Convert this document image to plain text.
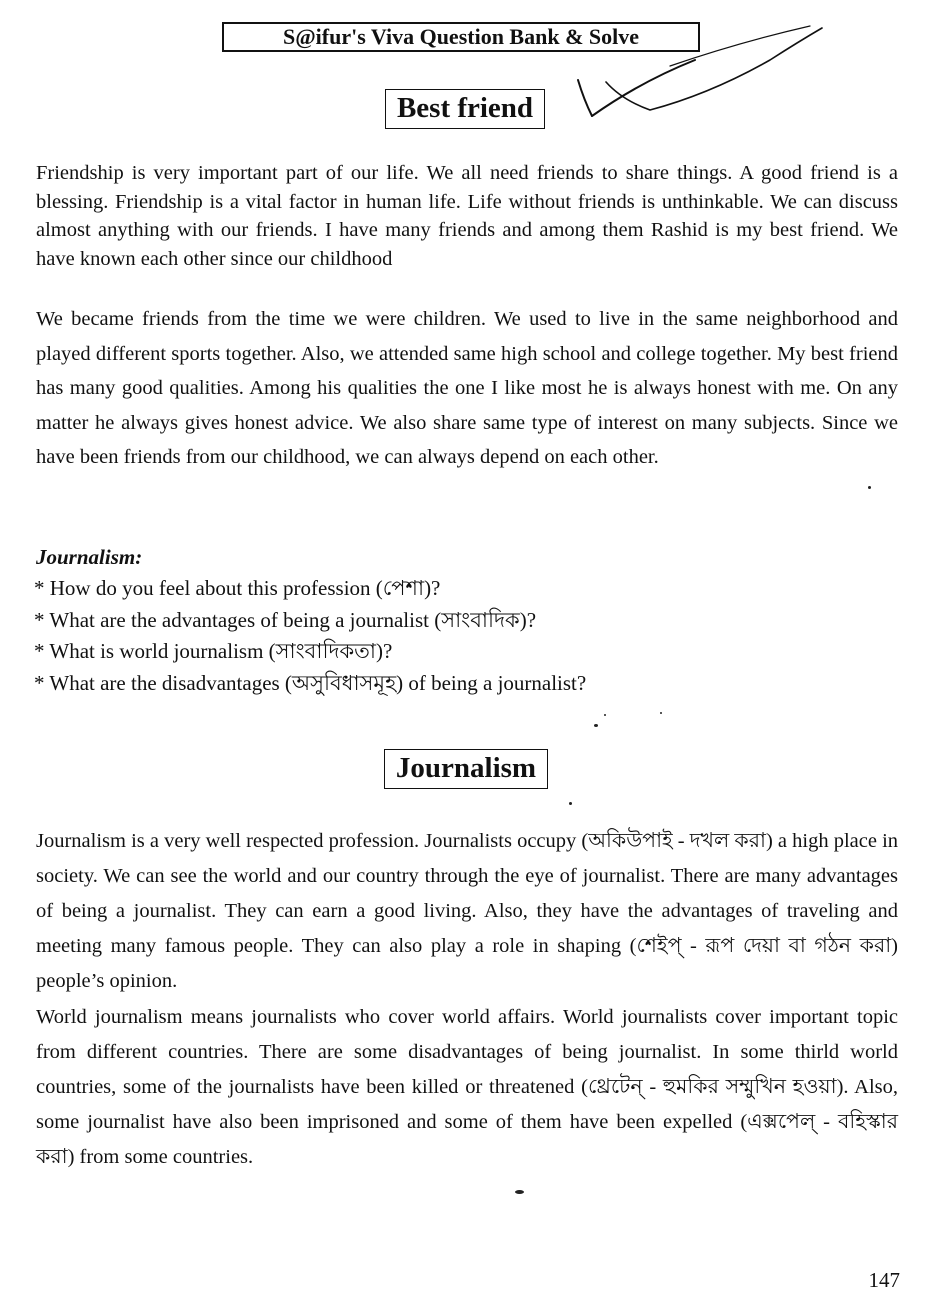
S@ifur's Viva Question Bank & Solve
Best friend

Friendship is very important part of our life. We all need friends to share things. A good friend is a blessing. Friendship is a vital factor in human life. Life without friends is unthinkable. We can discuss almost anything with our friends. I have many friends and among them Rashid is my best friend. We have known each other since our childhood

We became friends from the time we were children. We used to live in the same neighborhood and played different sports together. Also, we attended same high school and college together. My best friend has many good qualities. Among his qualities the one I like most he is always honest with me. On any matter he always gives honest advice. We also share same type of interest on many subjects. Since we have been friends from our childhood, we can always depend on each other.

Journalism:
* How do you feel about this profession (পেশা)?
* What are the advantages of being a journalist (সাংবাদিক)?
* What is world journalism (সাংবাদিকতা)?
* What are the disadvantages (অসুবিধাসমূহ) of being a journalist?
Journalism

Journalism is a very well respected profession. Journalists occupy (অকিউপাই - দখল করা) a high place in society. We can see the world and our country through the eye of journalist. There are many advantages of being a journalist. They can earn a good living. Also, they have the advantages of traveling and meeting many famous people. They can also play a role in shaping (শেইপ্‌ - রূপ দেয়া বা গঠন করা) people’s opinion.

World journalism means journalists who cover world affairs. World journalists cover important topic from different countries. There are some disadvantages of being journalist. In some thirld world countries, some of the journalists have been killed or threatened (থ্রেটেন্‌ - হুমকির সম্মুখিন হওয়া). Also, some journalist have also been imprisoned and some of them have been expelled (এক্সপেল্‌ - বহিস্কার করা) from some countries.

147
